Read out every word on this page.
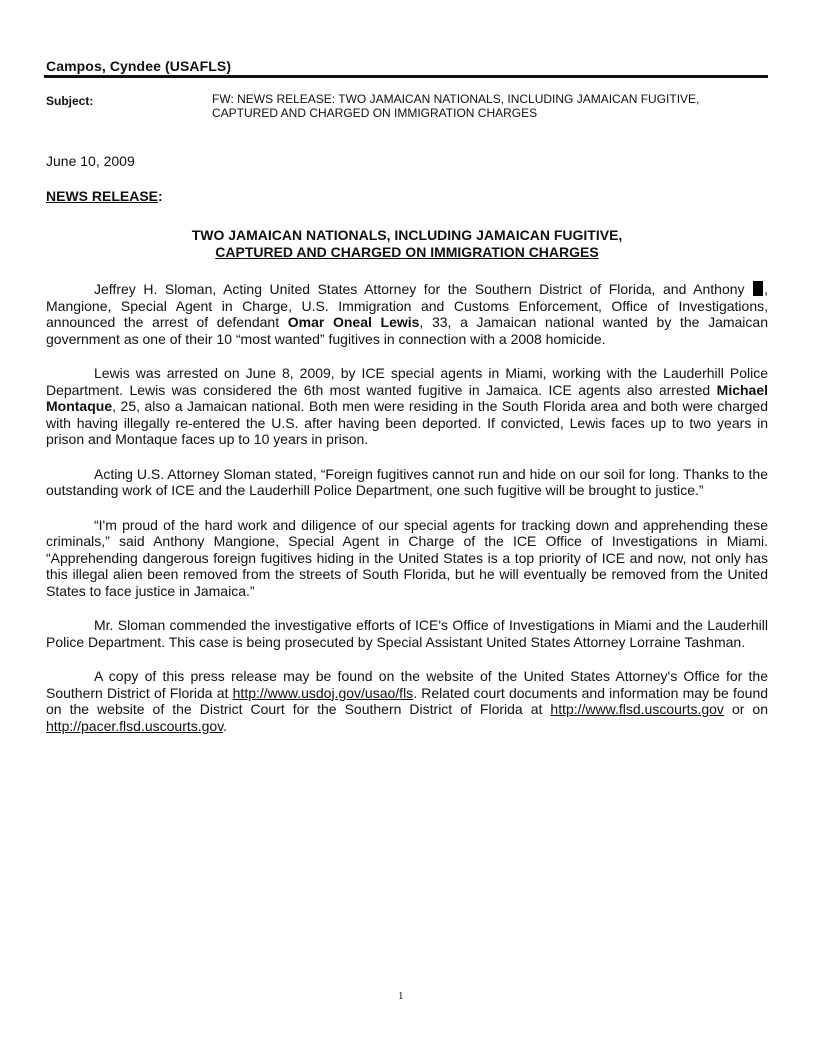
Campos, Cyndee (USAFLS)
Subject:	FW: NEWS RELEASE: TWO JAMAICAN NATIONALS, INCLUDING JAMAICAN FUGITIVE,
CAPTURED AND CHARGED ON IMMIGRATION CHARGES
June 10, 2009
NEWS RELEASE:
TWO JAMAICAN NATIONALS, INCLUDING JAMAICAN FUGITIVE,
CAPTURED AND CHARGED ON IMMIGRATION CHARGES

Jeffrey H. Sloman, Acting United States Attorney for the Southern District of Florida, and Anthony , Mangione, Special Agent in Charge, U.S. Immigration and Customs Enforcement, Office of Investigations, announced the arrest of defendant Omar Oneal Lewis, 33, a Jamaican national wanted by the Jamaican government as one of their 10 “most wanted” fugitives in connection with a 2008 homicide.

Lewis was arrested on June 8, 2009, by ICE special agents in Miami, working with the Lauderhill Police Department. Lewis was considered the 6th most wanted fugitive in Jamaica. ICE agents also arrested Michael Montaque, 25, also a Jamaican national. Both men were residing in the South Florida area and both were charged with having illegally re-entered the U.S. after having been deported. If convicted, Lewis faces up to two years in prison and Montaque faces up to 10 years in prison.

Acting U.S. Attorney Sloman stated, “Foreign fugitives cannot run and hide on our soil for long. Thanks to the outstanding work of ICE and the Lauderhill Police Department, one such fugitive will be brought to justice.”

“I'm proud of the hard work and diligence of our special agents for tracking down and apprehending these criminals,” said Anthony Mangione, Special Agent in Charge of the ICE Office of Investigations in Miami. “Apprehending dangerous foreign fugitives hiding in the United States is a top priority of ICE and now, not only has this illegal alien been removed from the streets of South Florida, but he will eventually be removed from the United States to face justice in Jamaica.”

Mr. Sloman commended the investigative efforts of ICE's Office of Investigations in Miami and the Lauderhill Police Department. This case is being prosecuted by Special Assistant United States Attorney Lorraine Tashman.

A copy of this press release may be found on the website of the United States Attorney's Office for the Southern District of Florida at http://www.usdoj.gov/usao/fls. Related court documents and information may be found on the website of the District Court for the Southern District of Florida at http://www.flsd.uscourts.gov or on http://pacer.flsd.uscourts.gov.

1
